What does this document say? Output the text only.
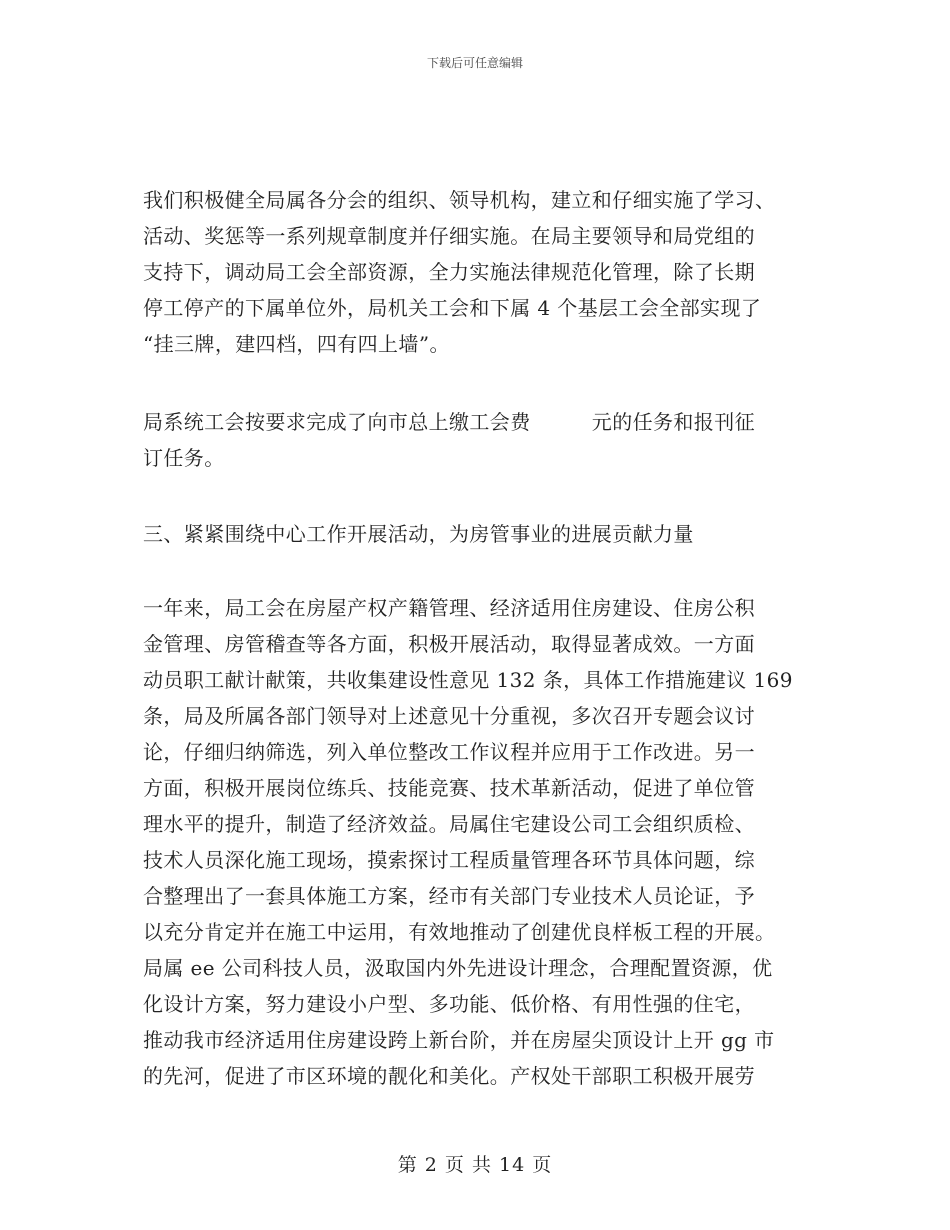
下载后可任意编辑
我们积极健全局属各分会的组织、领导机构，建立和仔细实施了学习、
活动、奖惩等一系列规章制度并仔细实施。在局主要领导和局党组的
支持下，调动局工会全部资源，全力实施法律规范化管理，除了长期
停工停产的下属单位外，局机关工会和下属 4 个基层工会全部实现了
“挂三牌，建四档，四有四上墙”。
局系统工会按要求完成了向市总上缴工会费　　　元的任务和报刊征
订任务。
三、紧紧围绕中心工作开展活动，为房管事业的进展贡献力量
一年来，局工会在房屋产权产籍管理、经济适用住房建设、住房公积
金管理、房管稽查等各方面，积极开展活动，取得显著成效。一方面
动员职工献计献策，共收集建设性意见 132 条，具体工作措施建议 169
条，局及所属各部门领导对上述意见十分重视，多次召开专题会议讨
论，仔细归纳筛选，列入单位整改工作议程并应用于工作改进。另一
方面，积极开展岗位练兵、技能竞赛、技术革新活动，促进了单位管
理水平的提升，制造了经济效益。局属住宅建设公司工会组织质检、
技术人员深化施工现场，摸索探讨工程质量管理各环节具体问题，综
合整理出了一套具体施工方案，经市有关部门专业技术人员论证，予
以充分肯定并在施工中运用，有效地推动了创建优良样板工程的开展。
局属 ee 公司科技人员，汲取国内外先进设计理念，合理配置资源，优
化设计方案，努力建设小户型、多功能、低价格、有用性强的住宅，
推动我市经济适用住房建设跨上新台阶，并在房屋尖顶设计上开 gg 市
的先河，促进了市区环境的靓化和美化。产权处干部职工积极开展劳
第 2 页 共 14 页
